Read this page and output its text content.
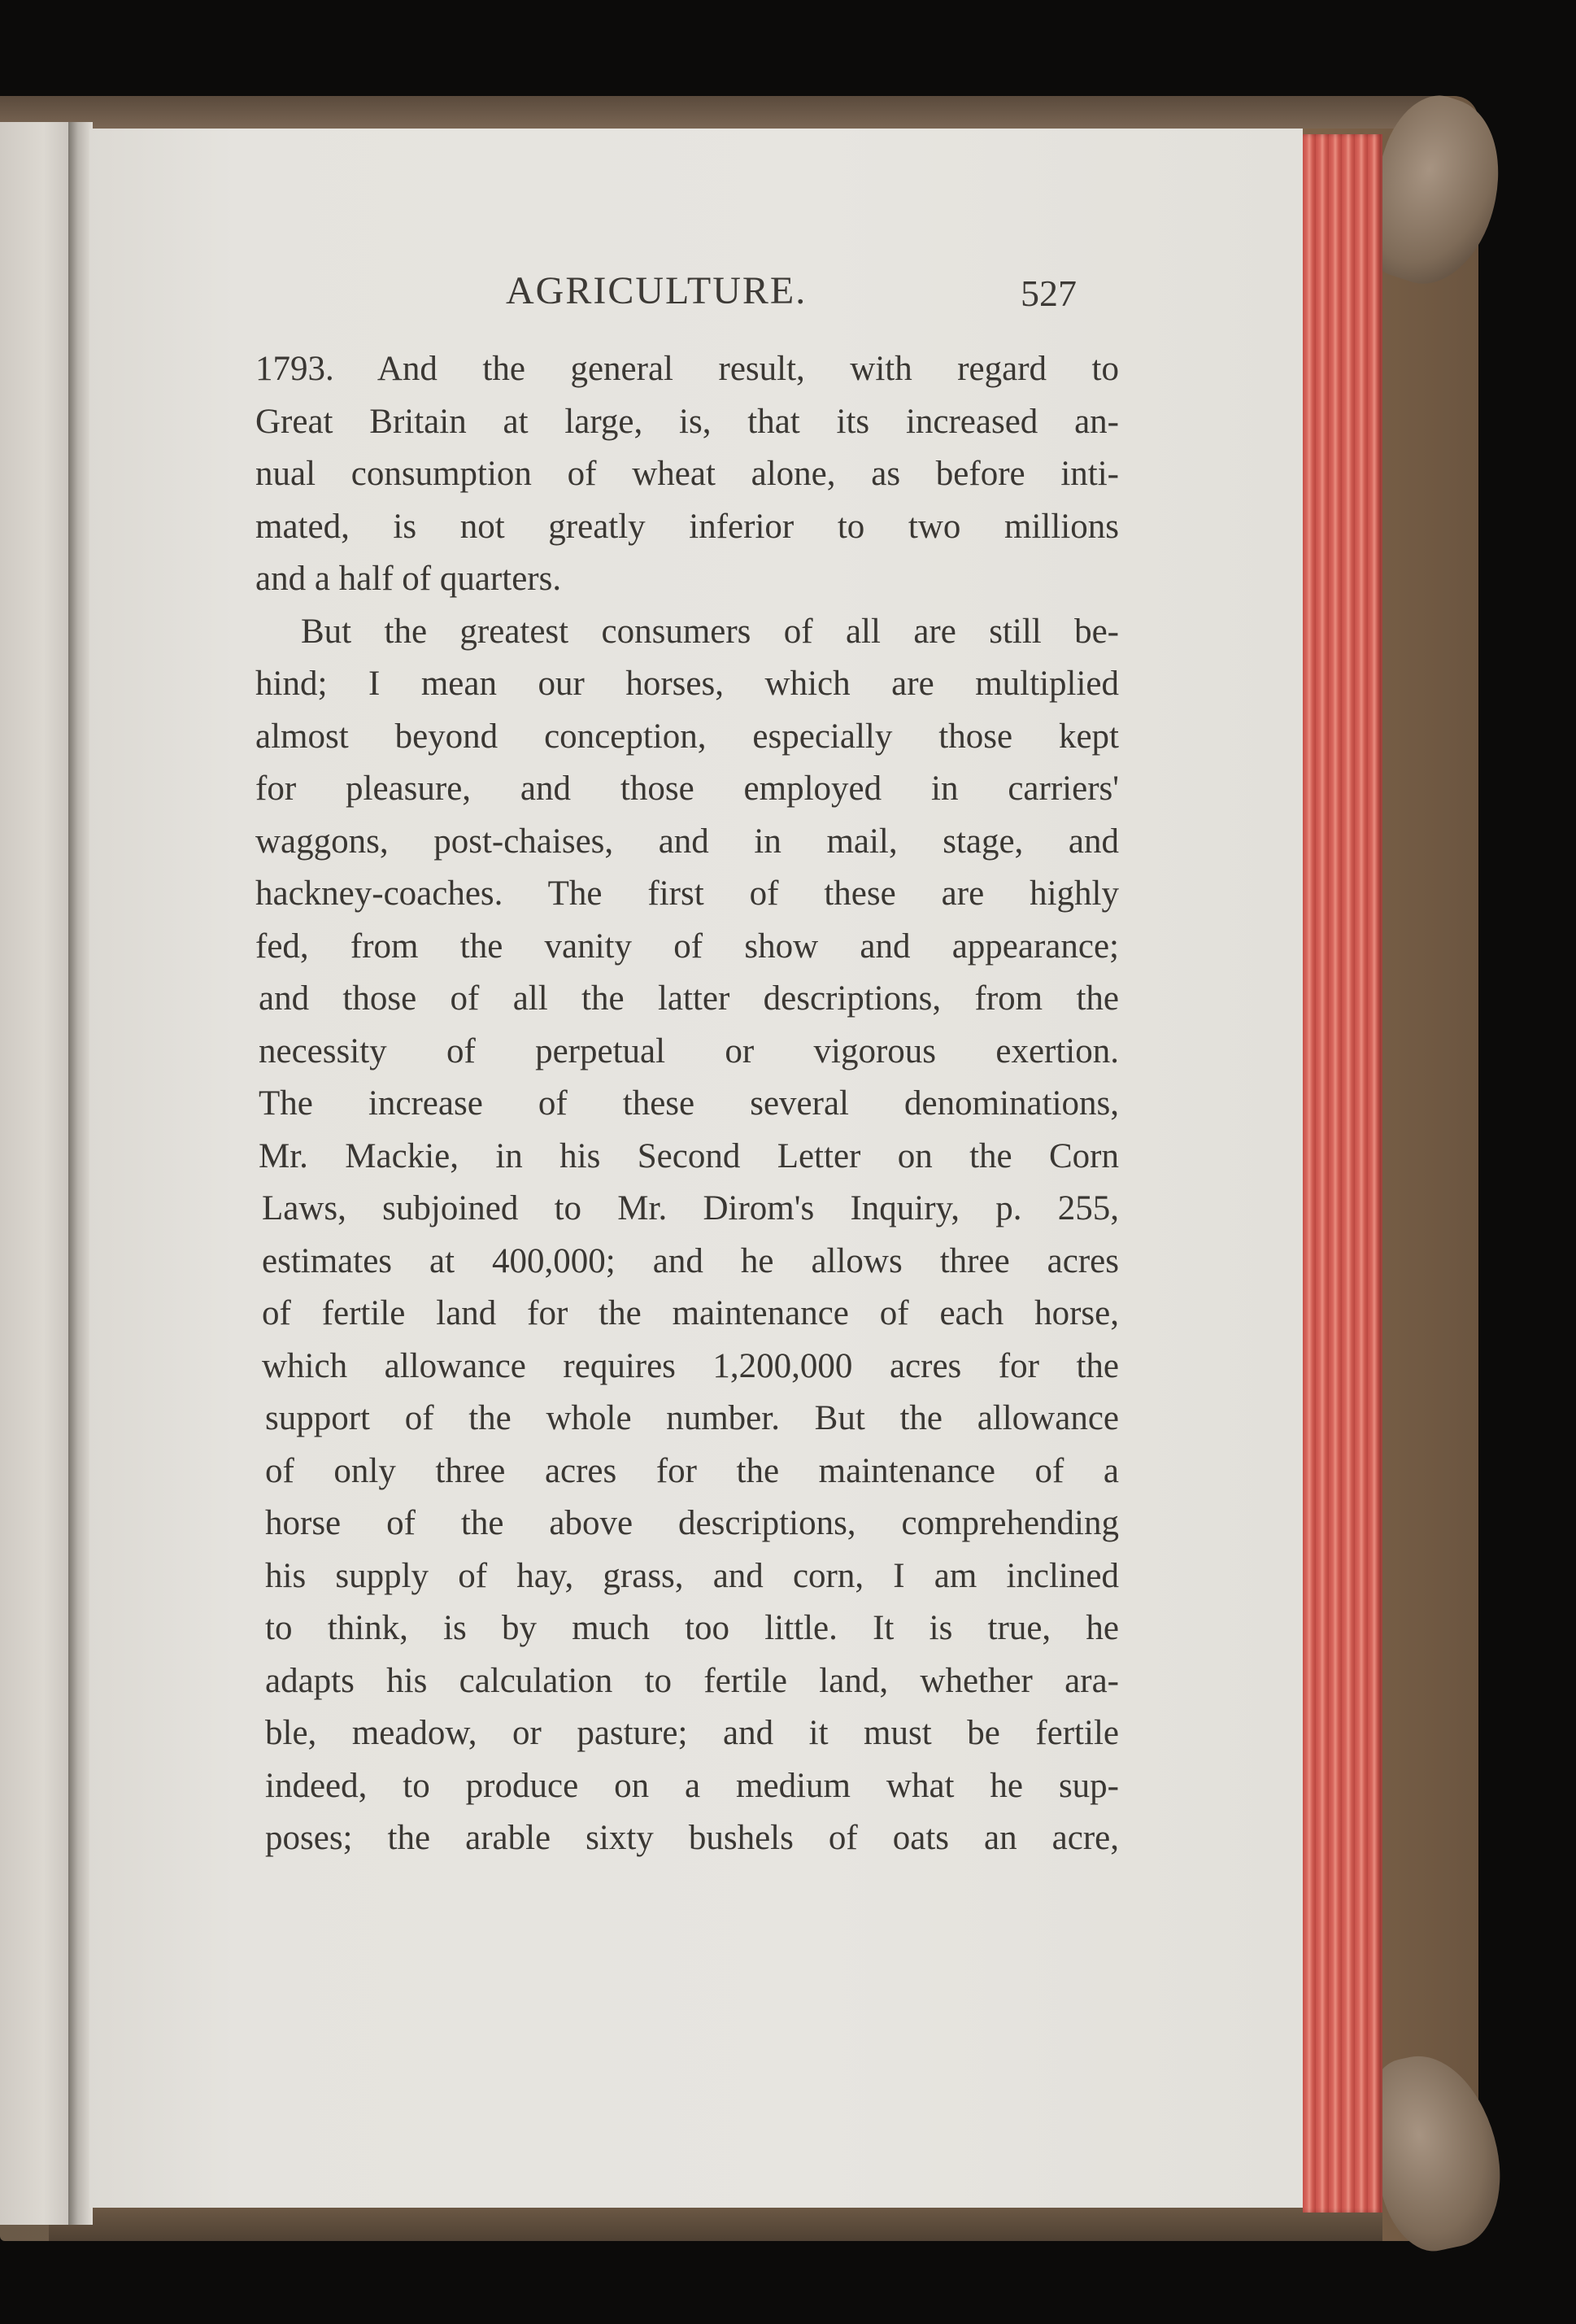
AGRICULTURE.	527
1793. And the general result, with regard to
Great Britain at large, is, that its increased an-
nual consumption of wheat alone, as before inti-
mated, is not greatly inferior to two millions
and a half of quarters.
But the greatest consumers of all are still be-
hind; I mean our horses, which are multiplied
almost beyond conception, especially those kept
for pleasure, and those employed in carriers'
waggons, post-chaises, and in mail, stage, and
hackney-coaches. The first of these are highly
fed, from the vanity of show and appearance;
and those of all the latter descriptions, from the
necessity of perpetual or vigorous exertion.
The increase of these several denominations,
Mr. Mackie, in his Second Letter on the Corn
Laws, subjoined to Mr. Dirom's Inquiry, p. 255,
estimates at 400,000; and he allows three acres
of fertile land for the maintenance of each horse,
which allowance requires 1,200,000 acres for the
support of the whole number. But the allowance
of only three acres for the maintenance of a
horse of the above descriptions, comprehending
his supply of hay, grass, and corn, I am inclined
to think, is by much too little. It is true, he
adapts his calculation to fertile land, whether ara-
ble, meadow, or pasture; and it must be fertile
indeed, to produce on a medium what he sup-
poses; the arable sixty bushels of oats an acre,
